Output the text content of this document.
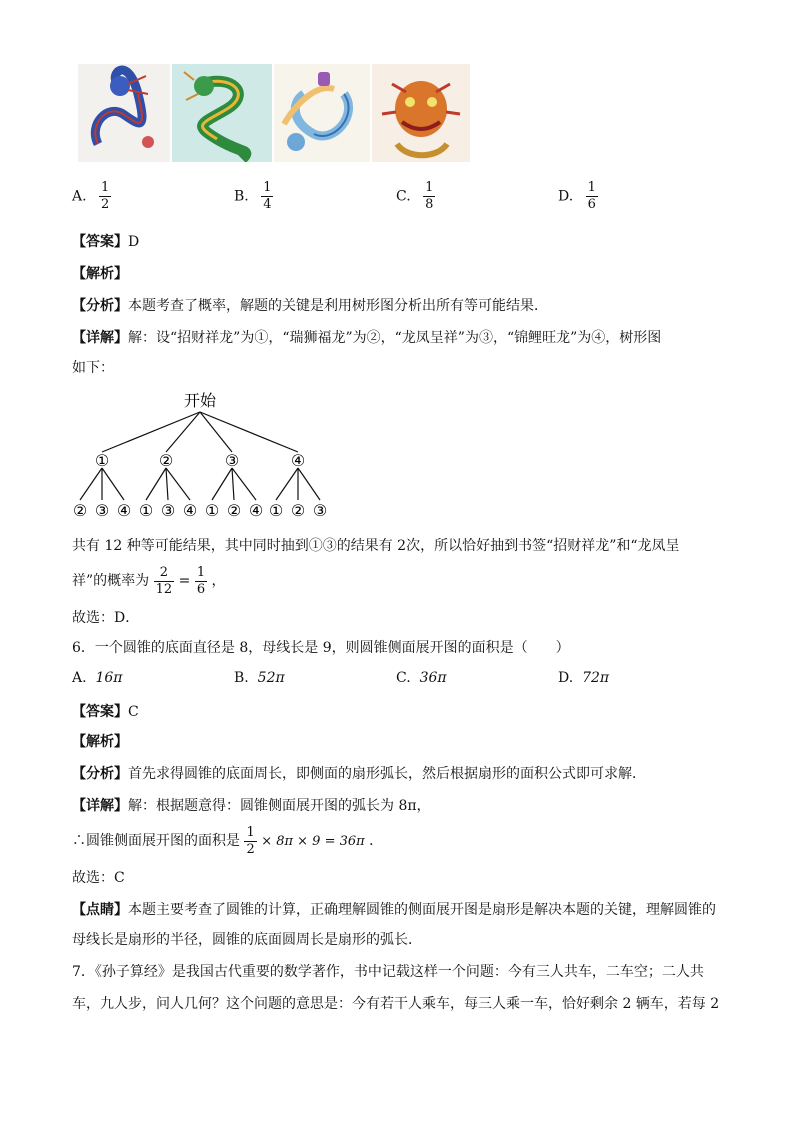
A. $\frac{1}{2}$	B. $\frac{1}{4}$	C. $\frac{1}{8}$	D. $\frac{1}{6}$
【答案】D
【解析】
【分析】本题考查了概率，解题的关键是利用树形图分析出所有等可能结果．
【详解】解：设“招财祥龙”为①，“瑞狮福龙”为②，“龙凤呈祥”为③，“锦鲤旺龙”为④，树形图
如下：
开始
①	②	③	④
② ③ ④ ① ③ ④ ① ② ④ ① ② ③
共有 12 种等可能结果，其中同时抽到①③的结果有 2次，所以恰好抽到书签“招财祥龙”和“龙凤呈
祥”的概率为 $\frac{2}{12} = \frac{1}{6}$ ，
故选：D．
6．一个圆锥的底面直径是 8，母线长是 9，则圆锥侧面展开图的面积是（　　）
A. 16π	B. 52π	C. 36π	D. 72π
【答案】C
【解析】
【分析】首先求得圆锥的底面周长，即侧面的扇形弧长，然后根据扇形的面积公式即可求解．
【详解】解：根据题意得：圆锥侧面展开图的弧长为 8π，
∴圆锥侧面展开图的面积是 $\frac{1}{2} \times 8\pi \times 9 = 36\pi$ ．
故选：C
【点睛】本题主要考查了圆锥的计算，正确理解圆锥的侧面展开图是扇形是解决本题的关键，理解圆锥的
母线长是扇形的半径，圆锥的底面圆周长是扇形的弧长．
7．《孙子算经》是我国古代重要的数学著作，书中记载这样一个问题：今有三人共车，二车空；二人共
车，九人步，问人几何？这个问题的意思是：今有若干人乘车，每三人乘一车，恰好剩余 2 辆车，若每 2
